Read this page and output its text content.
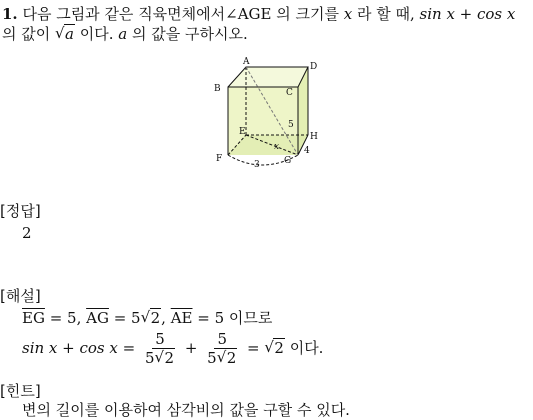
1. 다음 그림과 같은 직육면체에서∠AGE 의 크기를 x 라 할 때, sin x + cos x
의 값이 √ a 이다. a 의 값을 구하시오.
A
B	C
D
E
F	G
H
5
4
3
x
[정답]
2
[해설]
$\overline{EG} = 5$, $\overline{AG} = 5$ √ 2, $\overline{AE} = 5$ 이므로
$\sin x + \cos x = \frac{5}{5 √ 2} + \frac{5}{5 √ 2}$ = √ 2 이다.
[힌트]
변의 길이를 이용하여 삼각비의 값을 구할 수 있다.
